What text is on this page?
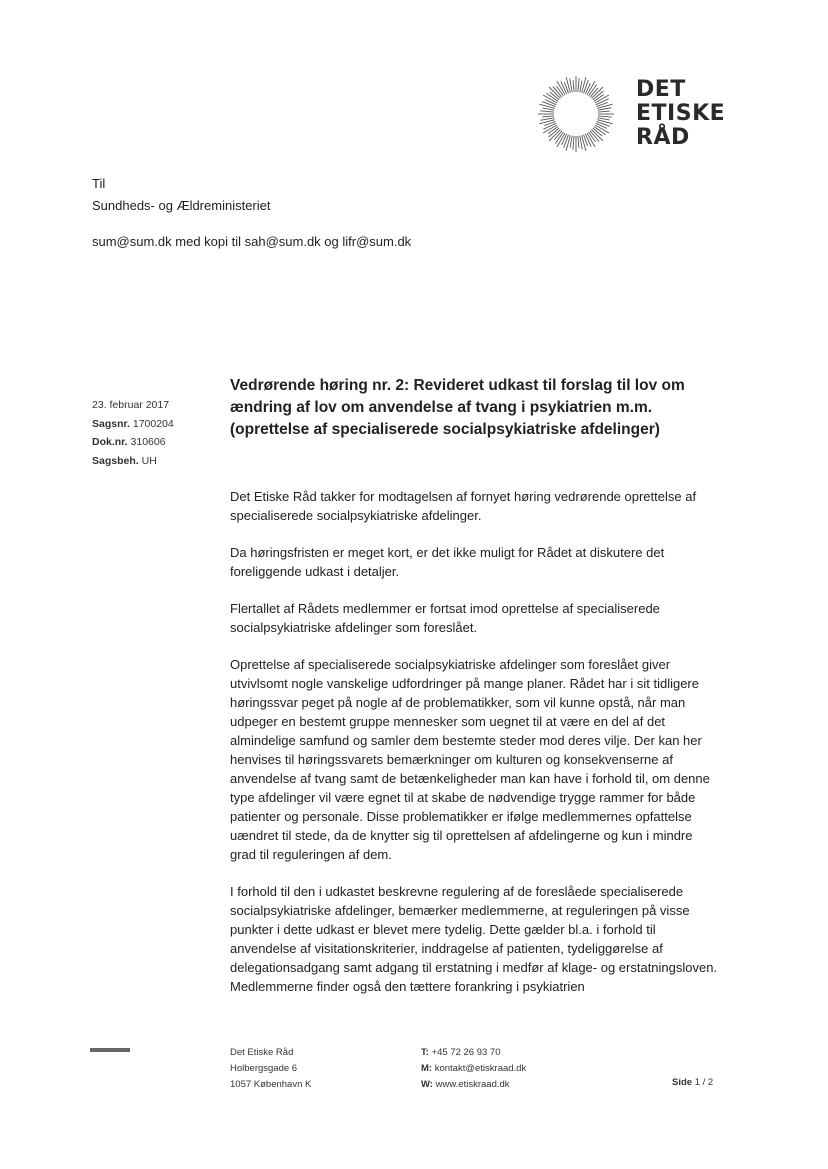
DET
ETISKE
RÅD
Til
Sundheds- og Ældreministeriet
sum@sum.dk med kopi til sah@sum.dk og lifr@sum.dk
23. februar 2017
Sagsnr. 1700204
Dok.nr. 310606
Sagsbeh. UH
Vedrørende høring nr. 2: Revideret udkast til forslag til lov om ændring af lov om anvendelse af tvang i psykiatrien m.m. (oprettelse af specialiserede socialpsykiatriske afdelinger)

Det Etiske Råd takker for modtagelsen af fornyet høring vedrørende oprettelse af specialiserede socialpsykiatriske afdelinger.

Da høringsfristen er meget kort, er det ikke muligt for Rådet at diskutere det foreliggende udkast i detaljer.

Flertallet af Rådets medlemmer er fortsat imod oprettelse af specialiserede socialpsykiatriske afdelinger som foreslået.

Oprettelse af specialiserede socialpsykiatriske afdelinger som foreslået giver utvivlsomt nogle vanskelige udfordringer på mange planer. Rådet har i sit tidligere høringssvar peget på nogle af de problematikker, som vil kunne opstå, når man udpeger en bestemt gruppe mennesker som uegnet til at være en del af det almindelige samfund og samler dem bestemte steder mod deres vilje. Der kan her henvises til høringssvarets bemærkninger om kulturen og konsekvenserne af anvendelse af tvang samt de betænkeligheder man kan have i forhold til, om denne type afdelinger vil være egnet til at skabe de nødvendige trygge rammer for både patienter og personale. Disse problematikker er ifølge medlemmernes opfattelse uændret til stede, da de knytter sig til oprettelsen af afdelingerne og kun i mindre grad til reguleringen af dem.

I forhold til den i udkastet beskrevne regulering af de foreslåede specialiserede socialpsykiatriske afdelinger, bemærker medlemmerne, at reguleringen på visse punkter i dette udkast er blevet mere tydelig. Dette gælder bl.a. i forhold til anvendelse af visitationskriterier, inddragelse af patienten, tydeliggørelse af delegationsadgang samt adgang til erstatning i medfør af klage- og erstatningsloven. Medlemmerne finder også den tættere forankring i psykiatrien

Det Etiske Råd
Holbergsgade 6
1057 København K
T: +45 72 26 93 70
M: kontakt@etiskraad.dk
W: www.etiskraad.dk	Side 1 / 2
